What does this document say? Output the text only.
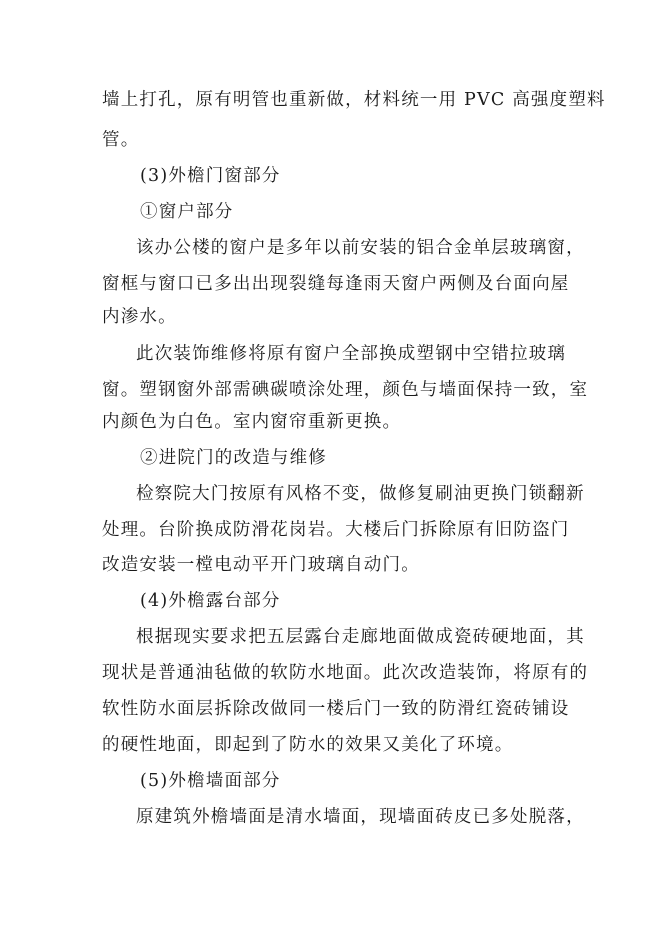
墙上打孔，原有明管也重新做，材料统一用 PVC 高强度塑料
管。
(3)外檐门窗部分
①窗户部分
该办公楼的窗户是多年以前安装的铝合金单层玻璃窗，
窗框与窗口已多出出现裂缝每逢雨天窗户两侧及台面向屋
内渗水。
此次装饰维修将原有窗户全部换成塑钢中空错拉玻璃
窗。塑钢窗外部需碘碳喷涂处理，颜色与墙面保持一致，室
内颜色为白色。室内窗帘重新更换。
②进院门的改造与维修
检察院大门按原有风格不变，做修复刷油更换门锁翻新
处理。台阶换成防滑花岗岩。大楼后门拆除原有旧防盗门
改造安装一樘电动平开门玻璃自动门。
(4)外檐露台部分
根据现实要求把五层露台走廊地面做成瓷砖硬地面，其
现状是普通油毡做的软防水地面。此次改造装饰，将原有的
软性防水面层拆除改做同一楼后门一致的防滑红瓷砖铺设
的硬性地面，即起到了防水的效果又美化了环境。
(5)外檐墙面部分
原建筑外檐墙面是清水墙面，现墙面砖皮已多处脱落，
